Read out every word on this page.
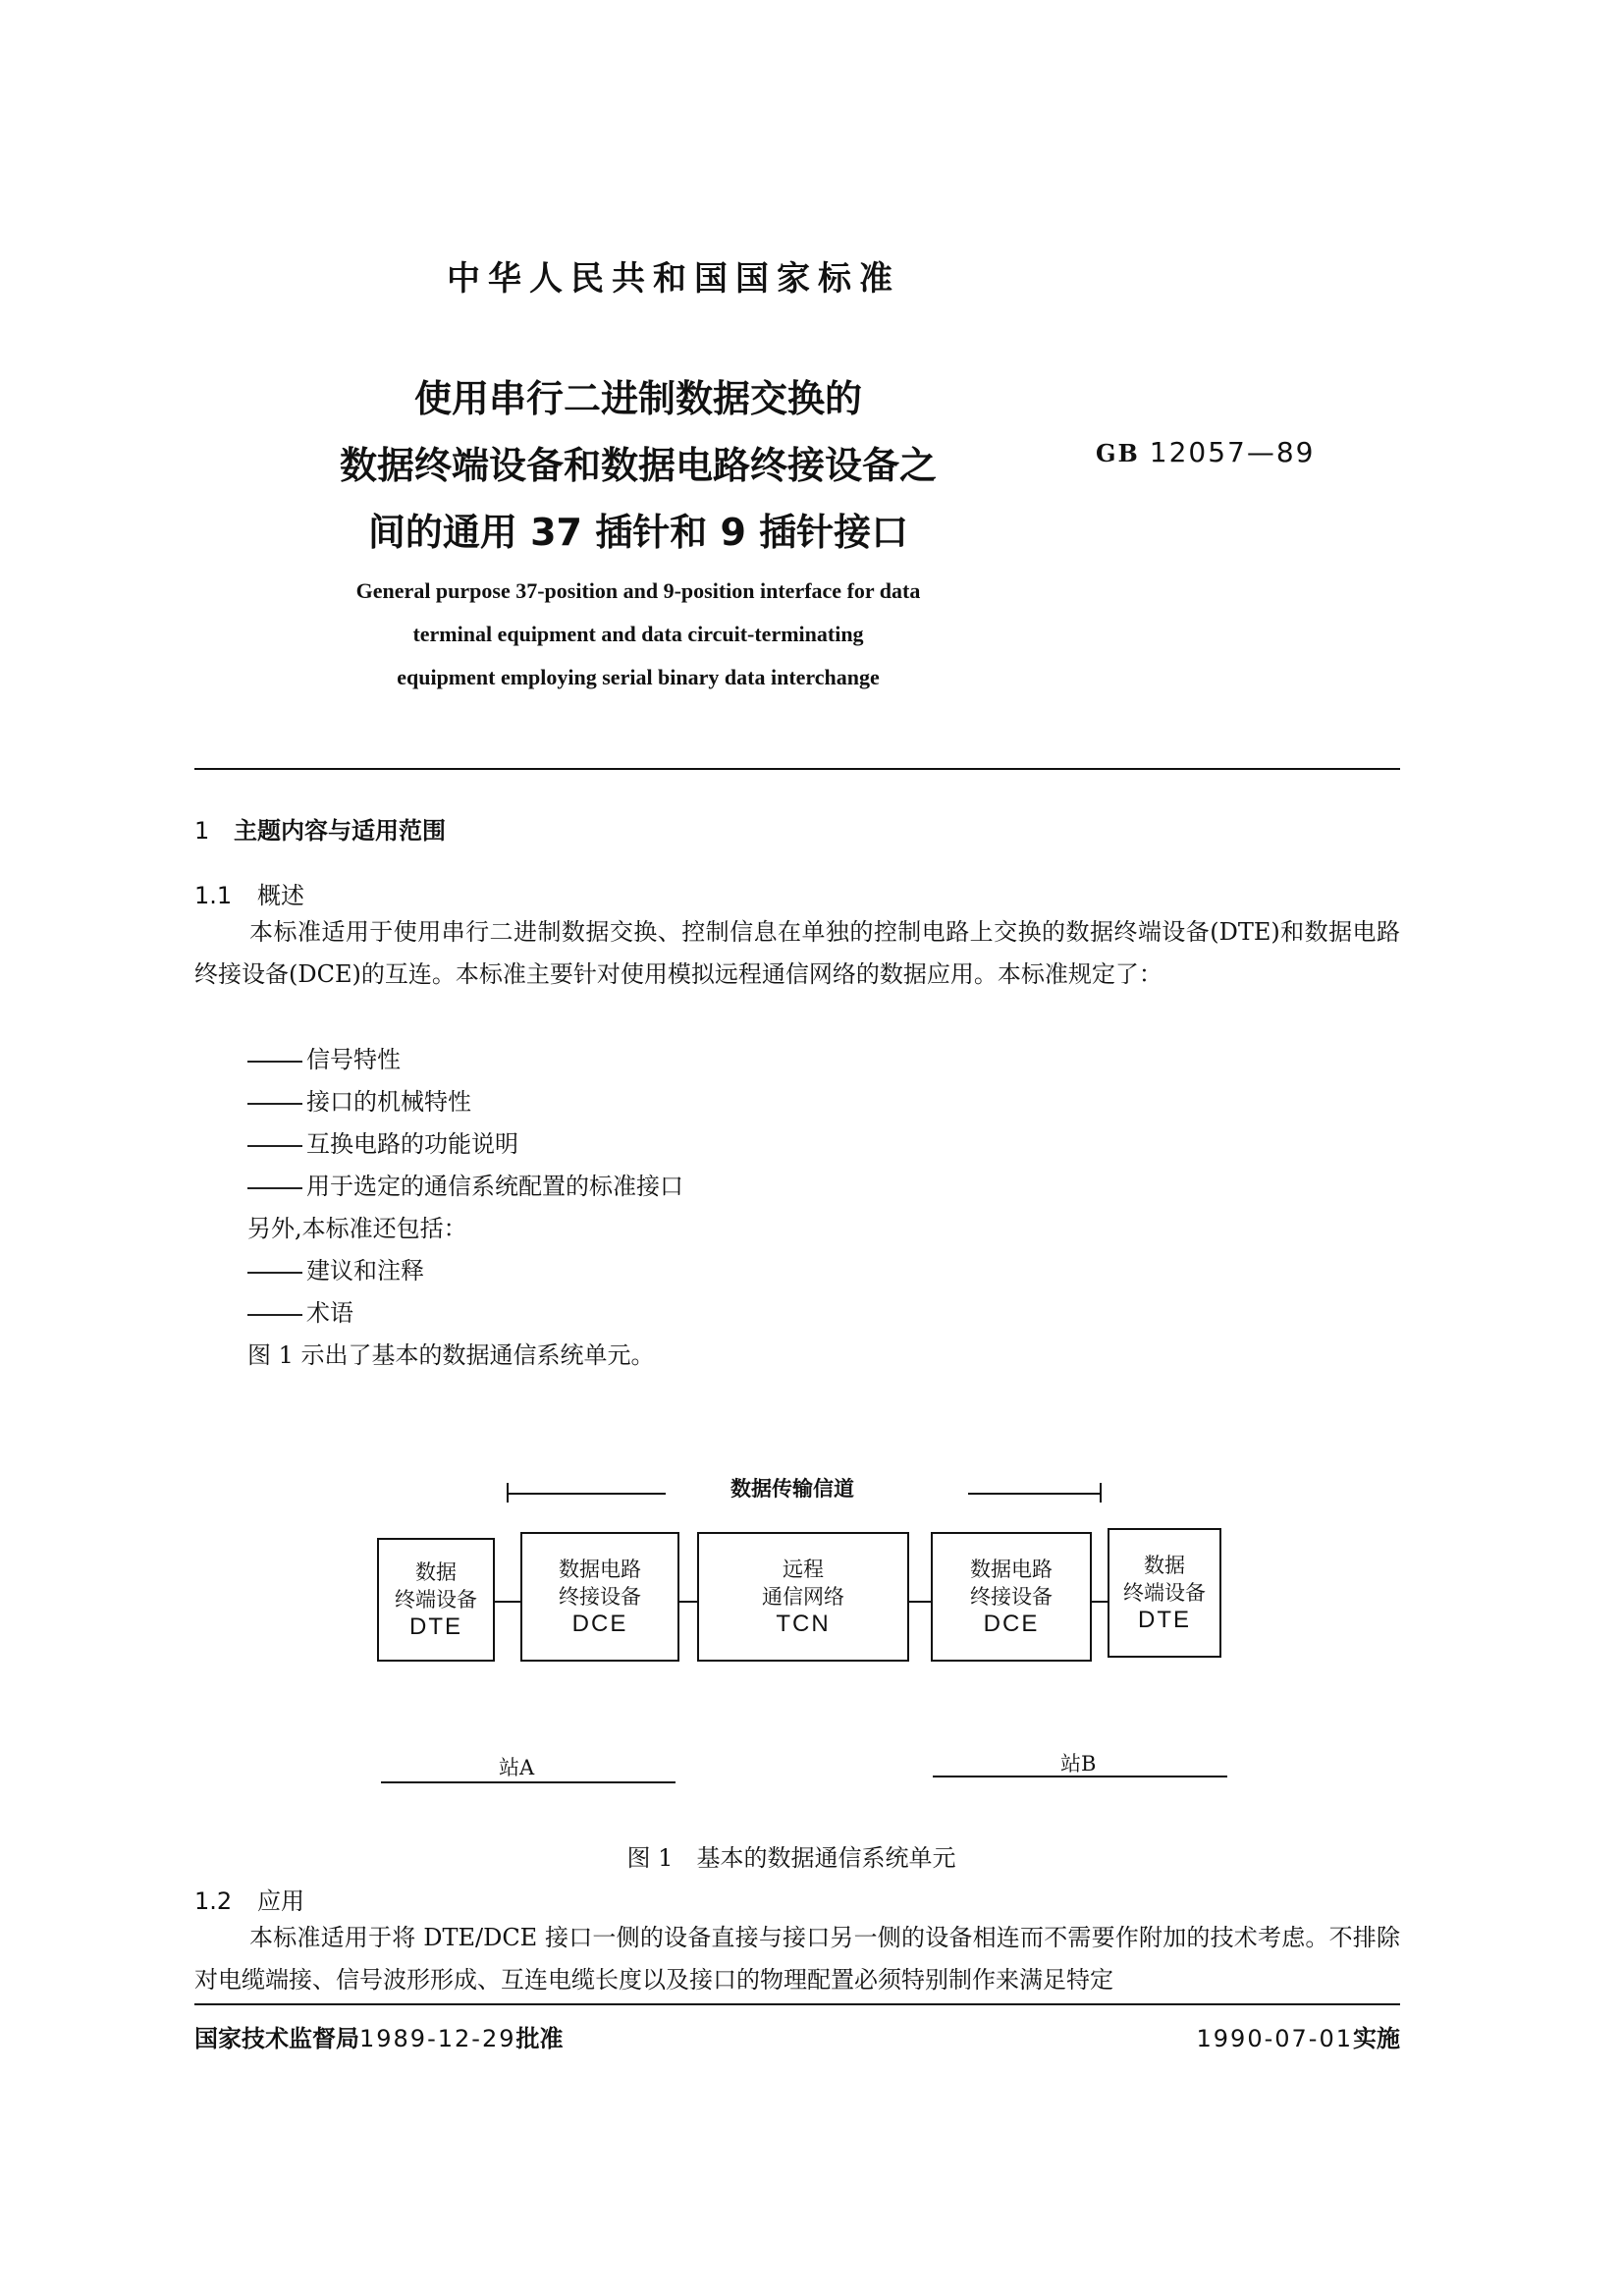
中华人民共和国国家标准
使用串行二进制数据交换的
数据终端设备和数据电路终接设备之
间的通用 37 插针和 9 插针接口
GB 12057—89
General purpose 37-position and 9-position interface for data
terminal equipment and data circuit-terminating
equipment employing serial binary data interchange
1 主题内容与适用范围
1.1 概述

本标准适用于使用串行二进制数据交换、控制信息在单独的控制电路上交换的数据终端设备(DTE)和数据电路终接设备(DCE)的互连。本标准主要针对使用模拟远程通信网络的数据应用。本标准规定了：

信号特性
接口的机械特性
互换电路的功能说明
用于选定的通信系统配置的标准接口
另外,本标准还包括：
建议和注释
术语
图 1 示出了基本的数据通信系统单元。
数据传输信道
数据
终端设备
DTE
数据电路
终接设备
DCE
远程
通信网络
TCN
数据电路
终接设备
DCE
数据
终端设备
DTE
站A	站B
图 1　基本的数据通信系统单元
1.2 应用

本标准适用于将 DTE/DCE 接口一侧的设备直接与接口另一侧的设备相连而不需要作附加的技术考虑。不排除对电缆端接、信号波形形成、互连电缆长度以及接口的物理配置必须特别制作来满足特定

国家技术监督局1989-12-29批准	1990-07-01实施
